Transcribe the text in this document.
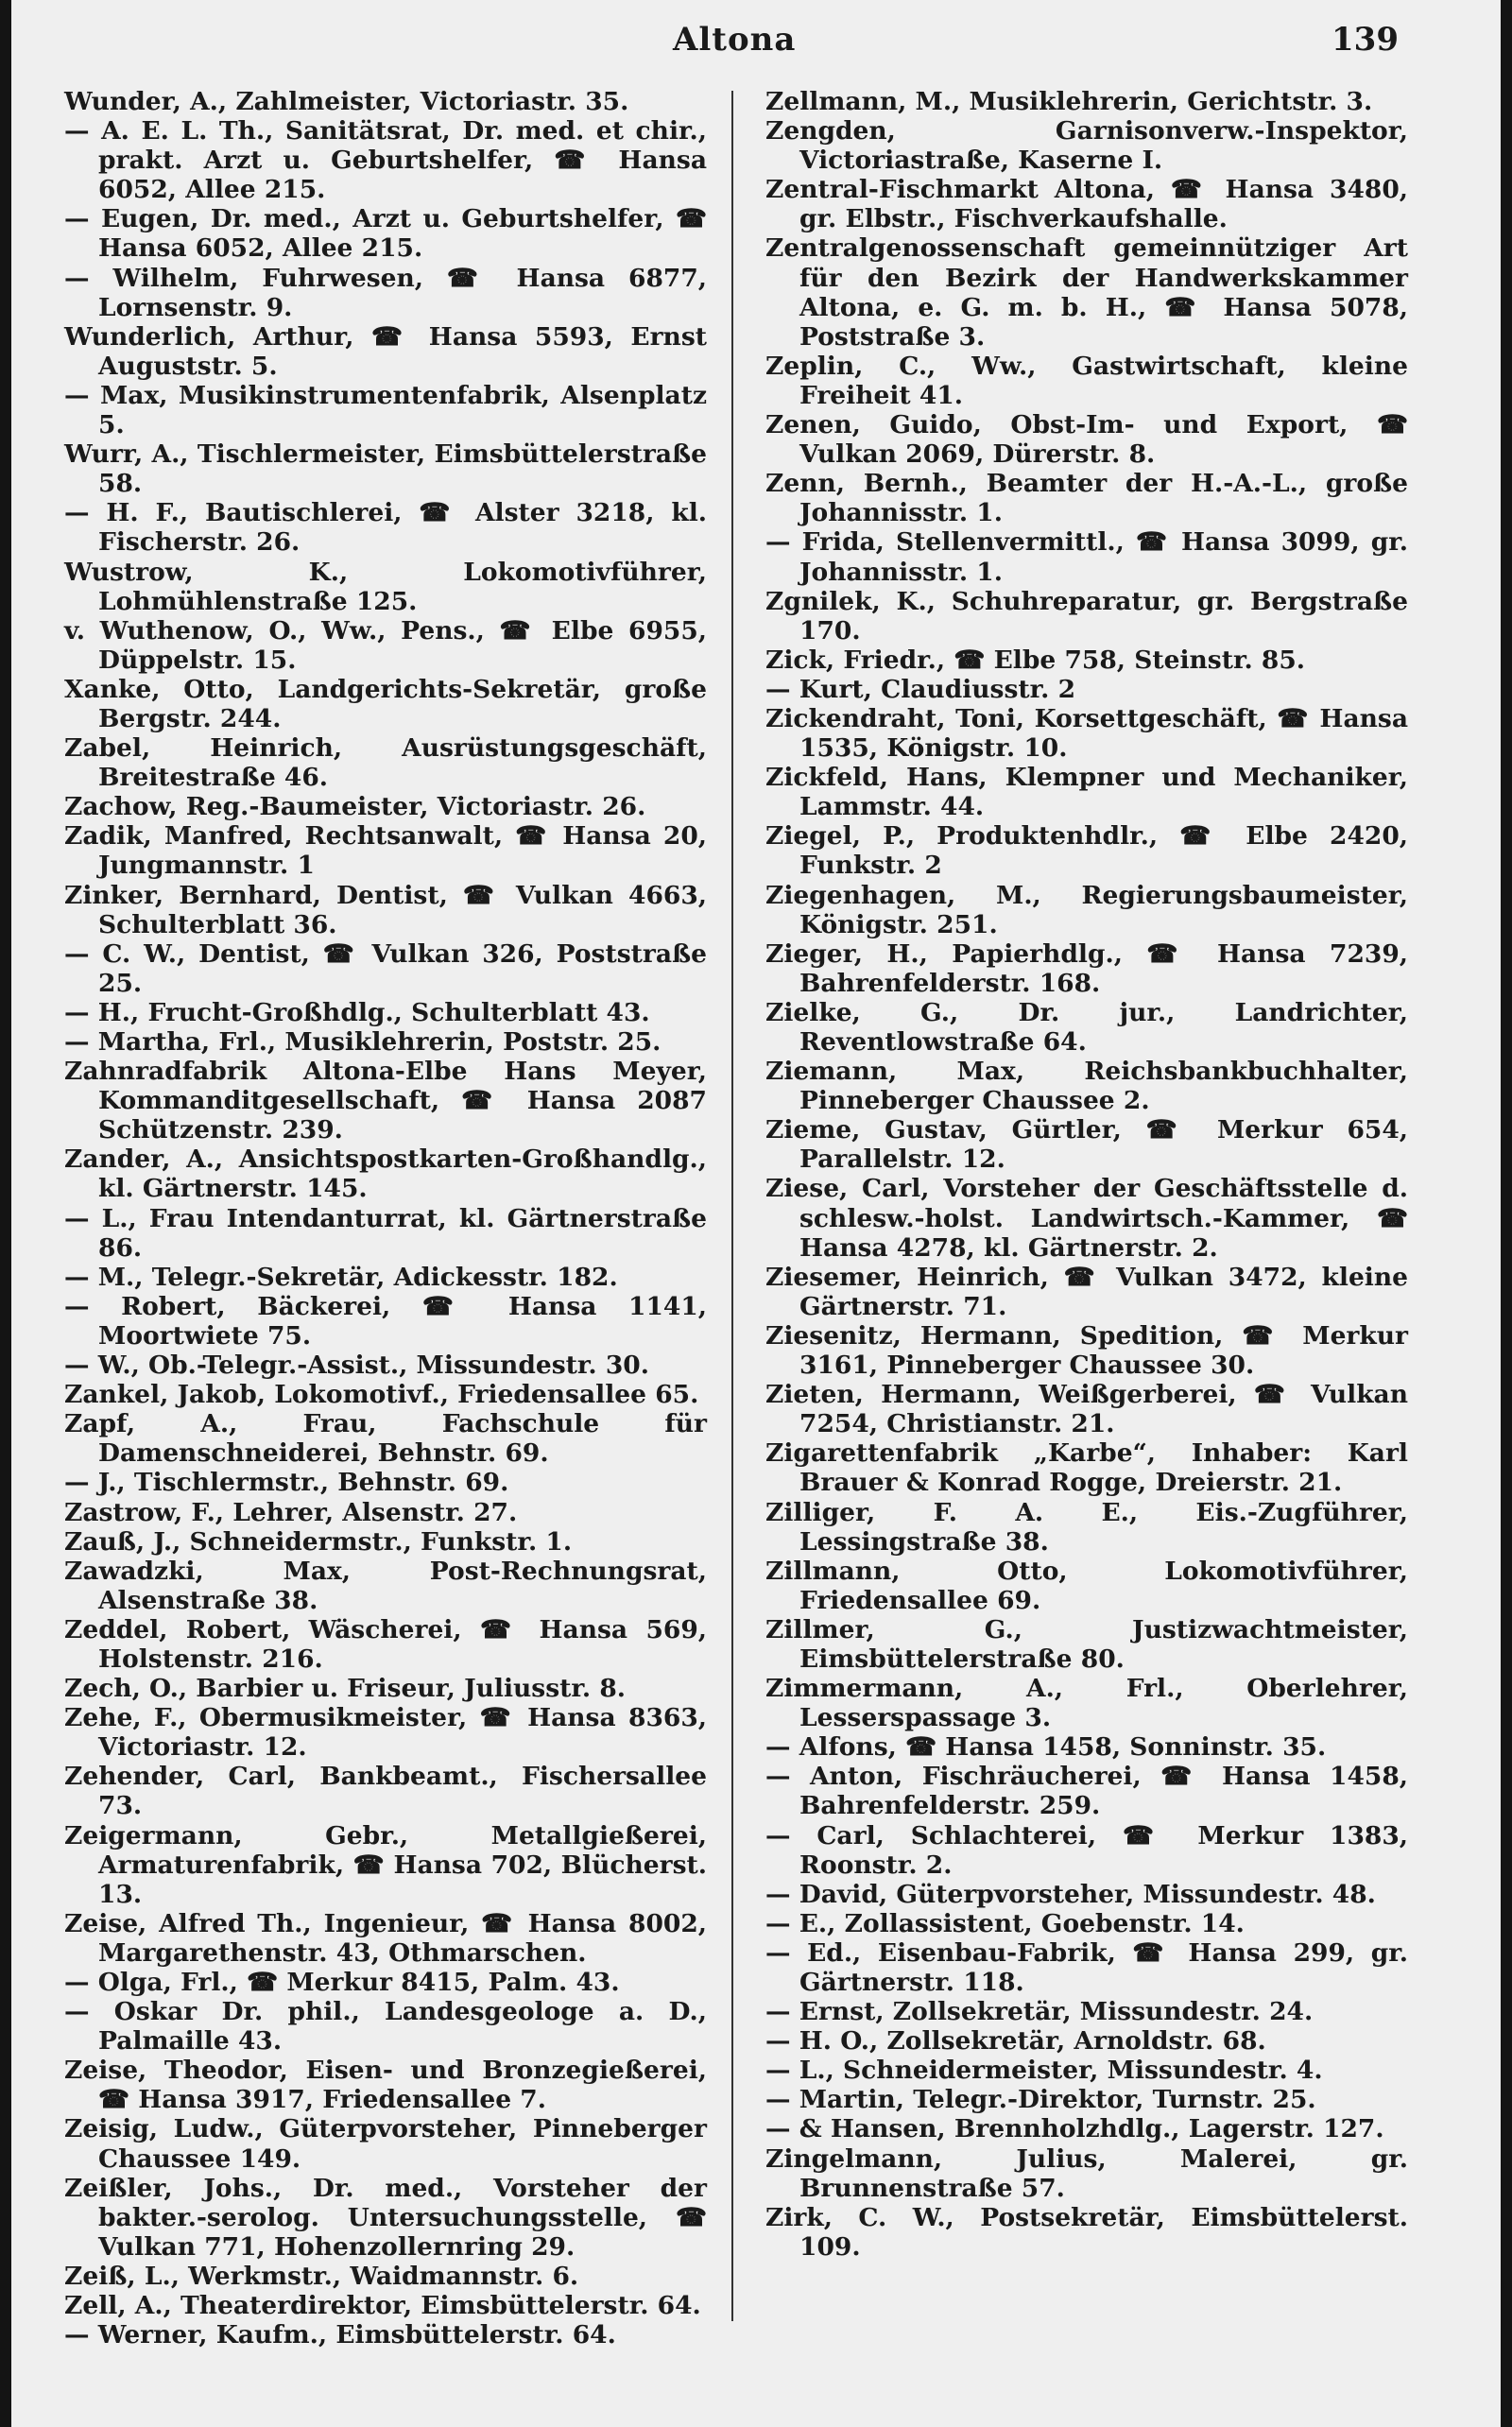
Altona	139

Wunder, A., Zahlmeister, Victoriastr. 35.

— A. E. L. Th., Sanitätsrat, Dr. med. et chir., prakt. Arzt u. Geburtshelfer, ☎ Hansa 6052, Allee 215.

— Eugen, Dr. med., Arzt u. Geburtshelfer, ☎ Hansa 6052, Allee 215.

— Wilhelm, Fuhrwesen, ☎ Hansa 6877, Lornsenstr. 9.

Wunderlich, Arthur, ☎ Hansa 5593, Ernst Auguststr. 5.

— Max, Musikinstrumentenfabrik, Alsenplatz 5.

Wurr, A., Tischlermeister, Eimsbüttelerstraße 58.

— H. F., Bautischlerei, ☎ Alster 3218, kl. Fischerstr. 26.

Wustrow, K., Lokomotivführer, Lohmühlenstraße 125.

v. Wuthenow, O., Ww., Pens., ☎ Elbe 6955, Düppelstr. 15.

Xanke, Otto, Landgerichts-Sekretär, große Bergstr. 244.

Zabel, Heinrich, Ausrüstungsgeschäft, Breitestraße 46.

Zachow, Reg.-Baumeister, Victoriastr. 26.

Zadik, Manfred, Rechtsanwalt, ☎ Hansa 20, Jungmannstr. 1

Zinker, Bernhard, Dentist, ☎ Vulkan 4663, Schulterblatt 36.

— C. W., Dentist, ☎ Vulkan 326, Poststraße 25.

— H., Frucht-Großhdlg., Schulterblatt 43.

— Martha, Frl., Musiklehrerin, Poststr. 25.

Zahnradfabrik Altona-Elbe Hans Meyer, Kommanditgesellschaft, ☎ Hansa 2087 Schützenstr. 239.

Zander, A., Ansichtspostkarten-Großhandlg., kl. Gärtnerstr. 145.

— L., Frau Intendanturrat, kl. Gärtnerstraße 86.

— M., Telegr.-Sekretär, Adickesstr. 182.

— Robert, Bäckerei, ☎ Hansa 1141, Moortwiete 75.

— W., Ob.-Telegr.-Assist., Missundestr. 30.

Zankel, Jakob, Lokomotivf., Friedensallee 65.

Zapf, A., Frau, Fachschule für Damenschneiderei, Behnstr. 69.

— J., Tischlermstr., Behnstr. 69.

Zastrow, F., Lehrer, Alsenstr. 27.

Zauß, J., Schneidermstr., Funkstr. 1.

Zawadzki, Max, Post-Rechnungsrat, Alsenstraße 38.

Zeddel, Robert, Wäscherei, ☎ Hansa 569, Holstenstr. 216.

Zech, O., Barbier u. Friseur, Juliusstr. 8.

Zehe, F., Obermusikmeister, ☎ Hansa 8363, Victoriastr. 12.

Zehender, Carl, Bankbeamt., Fischersallee 73.

Zeigermann, Gebr., Metallgießerei, Armaturenfabrik, ☎ Hansa 702, Blücherst. 13.

Zeise, Alfred Th., Ingenieur, ☎ Hansa 8002, Margarethenstr. 43, Othmarschen.

— Olga, Frl., ☎ Merkur 8415, Palm. 43.

— Oskar Dr. phil., Landesgeologe a. D., Palmaille 43.

Zeise, Theodor, Eisen- und Bronzegießerei, ☎ Hansa 3917, Friedensallee 7.

Zeisig, Ludw., Güterpvorsteher, Pinneberger Chaussee 149.

Zeißler, Johs., Dr. med., Vorsteher der bakter.-serolog. Untersuchungsstelle, ☎ Vulkan 771, Hohenzollernring 29.

Zeiß, L., Werkmstr., Waidmannstr. 6.

Zell, A., Theaterdirektor, Eimsbüttelerstr. 64.

— Werner, Kaufm., Eimsbüttelerstr. 64.

Zellmann, M., Musiklehrerin, Gerichtstr. 3.

Zengden, Garnisonverw.-Inspektor, Victoriastraße, Kaserne I.

Zentral-Fischmarkt Altona, ☎ Hansa 3480, gr. Elbstr., Fischverkaufshalle.

Zentralgenossenschaft gemeinnütziger Art für den Bezirk der Handwerkskammer Altona, e. G. m. b. H., ☎ Hansa 5078, Poststraße 3.

Zeplin, C., Ww., Gastwirtschaft, kleine Freiheit 41.

Zenen, Guido, Obst-Im- und Export, ☎ Vulkan 2069, Dürerstr. 8.

Zenn, Bernh., Beamter der H.-A.-L., große Johannisstr. 1.

— Frida, Stellenvermittl., ☎ Hansa 3099, gr. Johannisstr. 1.

Zgnilek, K., Schuhreparatur, gr. Bergstraße 170.

Zick, Friedr., ☎ Elbe 758, Steinstr. 85.

— Kurt, Claudiusstr. 2

Zickendraht, Toni, Korsettgeschäft, ☎ Hansa 1535, Königstr. 10.

Zickfeld, Hans, Klempner und Mechaniker, Lammstr. 44.

Ziegel, P., Produktenhdlr., ☎ Elbe 2420, Funkstr. 2

Ziegenhagen, M., Regierungsbaumeister, Königstr. 251.

Zieger, H., Papierhdlg., ☎ Hansa 7239, Bahrenfelderstr. 168.

Zielke, G., Dr. jur., Landrichter, Reventlowstraße 64.

Ziemann, Max, Reichsbankbuchhalter, Pinneberger Chaussee 2.

Zieme, Gustav, Gürtler, ☎ Merkur 654, Parallelstr. 12.

Ziese, Carl, Vorsteher der Geschäftsstelle d. schlesw.-holst. Landwirtsch.-Kammer, ☎ Hansa 4278, kl. Gärtnerstr. 2.

Ziesemer, Heinrich, ☎ Vulkan 3472, kleine Gärtnerstr. 71.

Ziesenitz, Hermann, Spedition, ☎ Merkur 3161, Pinneberger Chaussee 30.

Zieten, Hermann, Weißgerberei, ☎ Vulkan 7254, Christianstr. 21.

Zigarettenfabrik „Karbe“, Inhaber: Karl Brauer & Konrad Rogge, Dreierstr. 21.

Zilliger, F. A. E., Eis.-Zugführer, Lessingstraße 38.

Zillmann, Otto, Lokomotivführer, Friedensallee 69.

Zillmer, G., Justizwachtmeister, Eimsbüttelerstraße 80.

Zimmermann, A., Frl., Oberlehrer, Lesserspassage 3.

— Alfons, ☎ Hansa 1458, Sonninstr. 35.

— Anton, Fischräucherei, ☎ Hansa 1458, Bahrenfelderstr. 259.

— Carl, Schlachterei, ☎ Merkur 1383, Roonstr. 2.

— David, Güterpvorsteher, Missundestr. 48.

— E., Zollassistent, Goebenstr. 14.

— Ed., Eisenbau-Fabrik, ☎ Hansa 299, gr. Gärtnerstr. 118.

— Ernst, Zollsekretär, Missundestr. 24.

— H. O., Zollsekretär, Arnoldstr. 68.

— L., Schneidermeister, Missundestr. 4.

— Martin, Telegr.-Direktor, Turnstr. 25.

— & Hansen, Brennholzhdlg., Lagerstr. 127.

Zingelmann, Julius, Malerei, gr. Brunnenstraße 57.

Zirk, C. W., Postsekretär, Eimsbüttelerst. 109.
